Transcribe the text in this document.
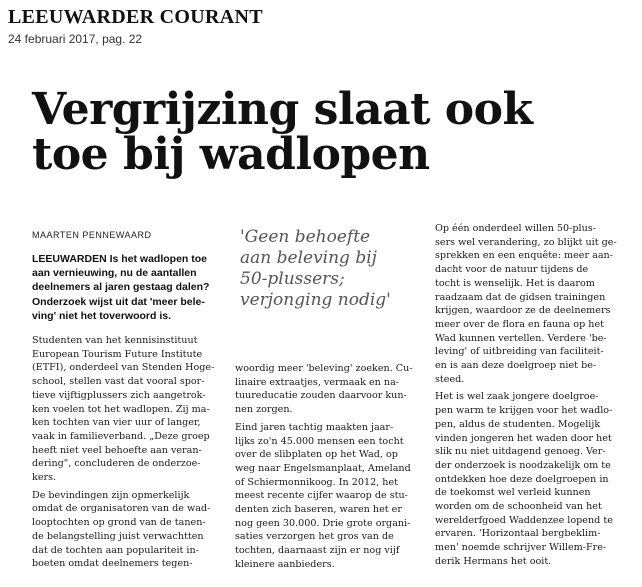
LEEUWARDER COURANT
24 februari 2017, pag. 22
Vergrijzing slaat ook
toe bij wadlopen
MAARTEN PENNEWAARD
LEEUWARDEN Is het wadlopen toe
aan vernieuwing, nu de aantallen
deelnemers al jaren gestaag dalen?
Onderzoek wijst uit dat 'meer bele-
ving' niet het toverwoord is.
'Geen behoefte
aan beleving bij
50-plussers;
verjonging nodig'
Studenten van het kennisinstituut
European Tourism Future Institute
(ETFI), onderdeel van Stenden Hoge-
school, stellen vast dat vooral spor-
tieve vijftigplussers zich aangetrok-
ken voelen tot het wadlopen. Zij ma-
ken tochten van vier uur of langer,
vaak in familieverband. „Deze groep
heeft niet veel behoefte aan veran-
dering", concluderen de onderzoe-
kers.
De bevindingen zijn opmerkelijk
omdat de organisatoren van de wad-
looptochten op grond van de tanen-
de belangstelling juist verwachtten
dat de tochten aan populariteit in-
boeten omdat deelnemers tegen-
woordig meer 'beleving' zoeken. Cu-
linaire extraatjes, vermaak en na-
tuureducatie zouden daarvoor kun-
nen zorgen.
Eind jaren tachtig maakten jaar-
lijks zo'n 45.000 mensen een tocht
over de slibplaten op het Wad, op
weg naar Engelsmanplaat, Ameland
of Schiermonnikoog. In 2012, het
meest recente cijfer waarop de stu-
denten zich baseren, waren het er
nog geen 30.000. Drie grote organi-
saties verzorgen het gros van de
tochten, daarnaast zijn er nog vijf
kleinere aanbieders.
Op één onderdeel willen 50-plus-
sers wel verandering, zo blijkt uit ge-
sprekken en een enquête: meer aan-
dacht voor de natuur tijdens de
tocht is wenselijk. Het is daarom
raadzaam dat de gidsen trainingen
krijgen, waardoor ze de deelnemers
meer over de flora en fauna op het
Wad kunnen vertellen. Verdere 'be-
leving' of uitbreiding van faciliteit-
en is aan deze doelgroep niet be-
steed.
Het is wel zaak jongere doelgroe-
pen warm te krijgen voor het wadlo-
pen, aldus de studenten. Mogelijk
vinden jongeren het waden door het
slik nu niet uitdagend genoeg. Ver-
der onderzoek is noodzakelijk om te
ontdekken hoe deze doelgroepen in
de toekomst wel verleid kunnen
worden om de schoonheid van het
werelderfgoed Waddenzee lopend te
ervaren. 'Horizontaal bergbeklim-
men' noemde schrijver Willem-Fre-
derik Hermans het ooit.
